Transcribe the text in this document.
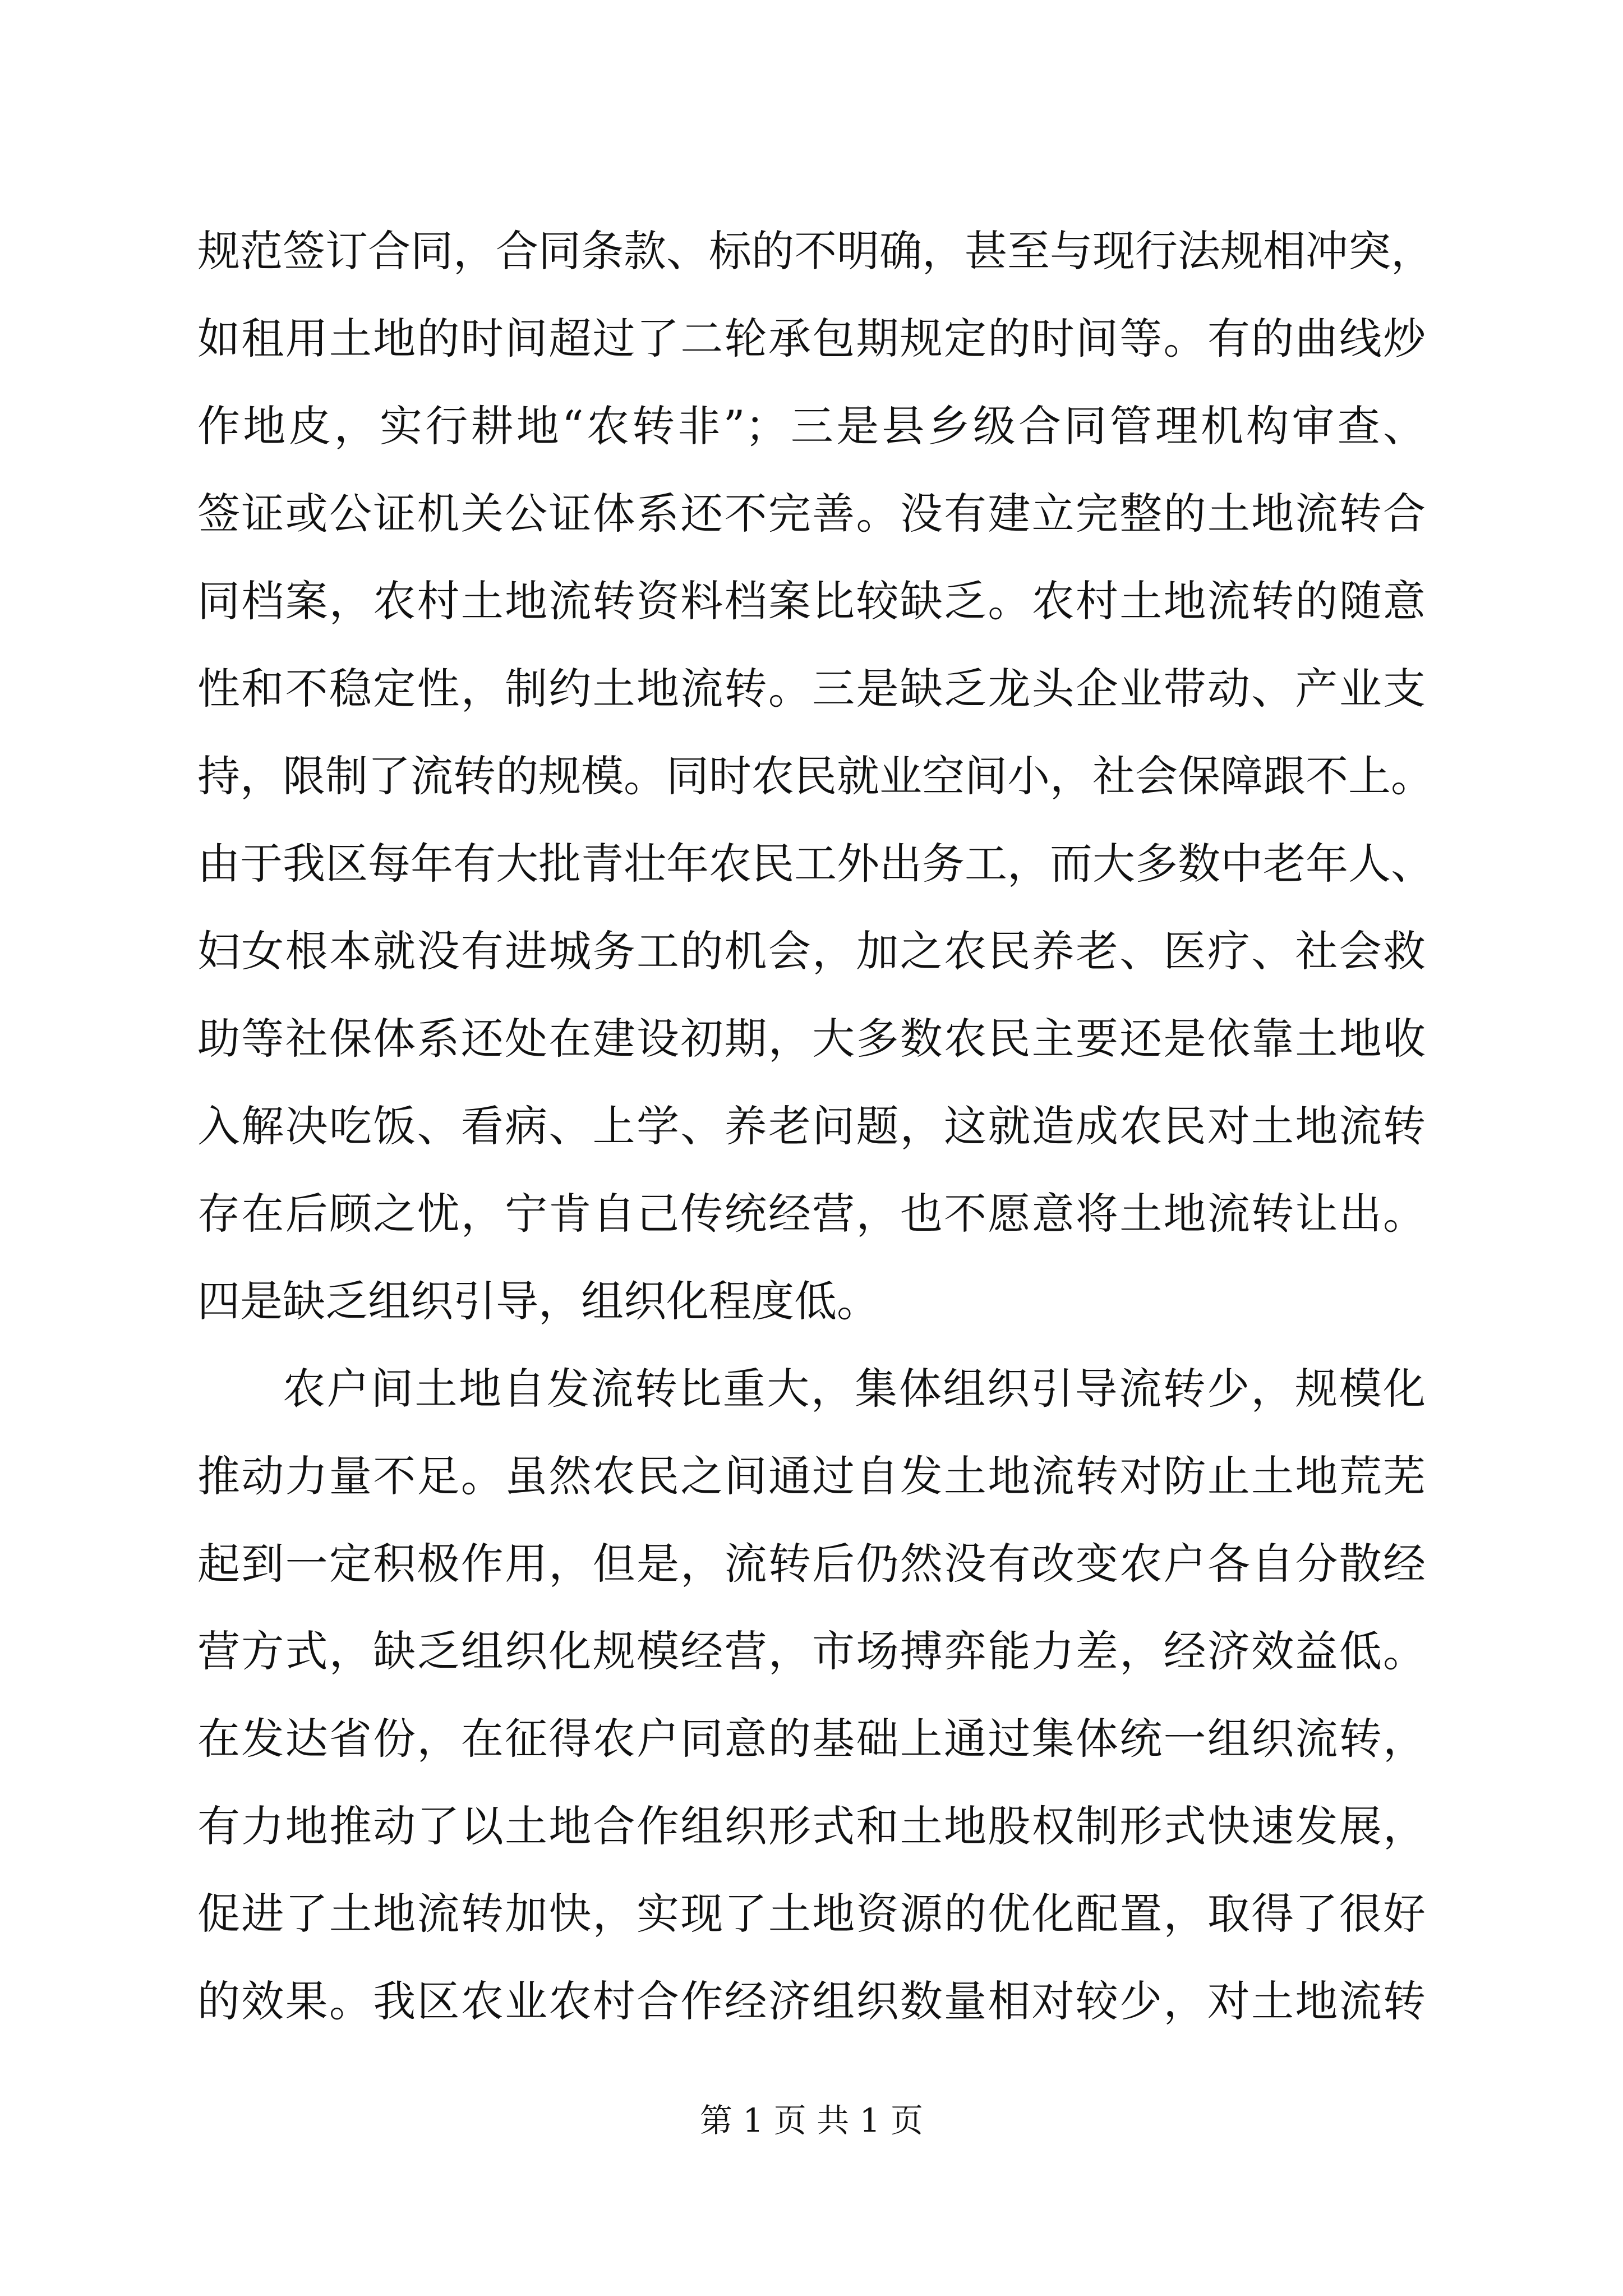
规范签订合同，合同条款、标的不明确，甚至与现行法规相冲突，
如租用土地的时间超过了二轮承包期规定的时间等。有的曲线炒
作地皮，实行耕地“农转非”；三是县乡级合同管理机构审查、
签证或公证机关公证体系还不完善。没有建立完整的土地流转合
同档案，农村土地流转资料档案比较缺乏。农村土地流转的随意
性和不稳定性，制约土地流转。三是缺乏龙头企业带动、产业支
持，限制了流转的规模。同时农民就业空间小，社会保障跟不上。
由于我区每年有大批青壮年农民工外出务工，而大多数中老年人、
妇女根本就没有进城务工的机会，加之农民养老、医疗、社会救
助等社保体系还处在建设初期，大多数农民主要还是依靠土地收
入解决吃饭、看病、上学、养老问题，这就造成农民对土地流转
存在后顾之忧，宁肯自己传统经营，也不愿意将土地流转让出。
四是缺乏组织引导，组织化程度低。
农户间土地自发流转比重大，集体组织引导流转少，规模化
推动力量不足。虽然农民之间通过自发土地流转对防止土地荒芜
起到一定积极作用，但是，流转后仍然没有改变农户各自分散经
营方式，缺乏组织化规模经营，市场搏弈能力差，经济效益低。
在发达省份，在征得农户同意的基础上通过集体统一组织流转，
有力地推动了以土地合作组织形式和土地股权制形式快速发展，
促进了土地流转加快，实现了土地资源的优化配置，取得了很好
的效果。我区农业农村合作经济组织数量相对较少，对土地流转
第 1 页 共 1 页
